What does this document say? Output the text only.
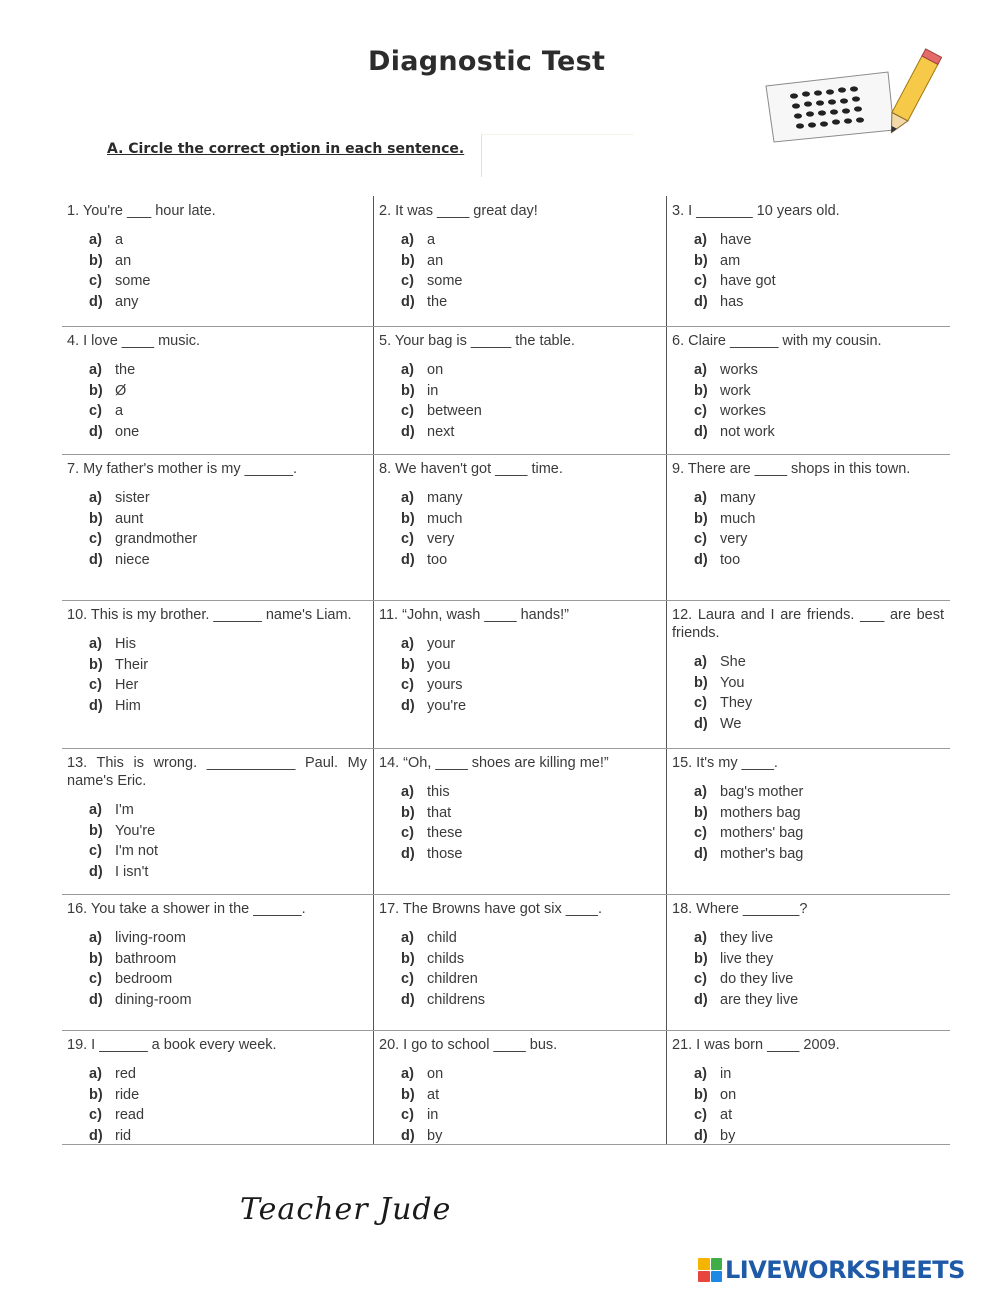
Diagnostic Test
A. Circle the correct option in each sentence.
1. You're ___ hour late.
a) a
b) an
c) some
d) any
2. It was ____ great day!
a) a
b) an
c) some
d) the
3. I _______ 10 years old.
a) have
b) am
c) have got
d) has
4. I love ____ music.
a) the
b) Ø
c) a
d) one
5. Your bag is _____ the table.
a) on
b) in
c) between
d) next
6. Claire ______ with my cousin.
a) works
b) work
c) workes
d) not work
7. My father's mother is my ______.
a) sister
b) aunt
c) grandmother
d) niece
8. We haven't got ____ time.
a) many
b) much
c) very
d) too
9. There are ____ shops in this town.
a) many
b) much
c) very
d) too
10. This is my brother. ______ name's Liam.
a) His
b) Their
c) Her
d) Him
11. “John, wash ____ hands!”
a) your
b) you
c) yours
d) you're
12. Laura and I are friends. ___ are best friends.
a) She
b) You
c) They
d) We
13. This is wrong. ___________ Paul. My name's Eric.
a) I'm
b) You're
c) I'm not
d) I isn't
14. “Oh, ____ shoes are killing me!”
a) this
b) that
c) these
d) those
15. It's my ____.
a) bag's mother
b) mothers bag
c) mothers' bag
d) mother's bag
16. You take a shower in the ______.
a) living-room
b) bathroom
c) bedroom
d) dining-room
17. The Browns have got six ____.
a) child
b) childs
c) children
d) childrens
18. Where _______?
a) they live
b) live they
c) do they live
d) are they live
19. I ______ a book every week.
a) red
b) ride
c) read
d) rid
20. I go to school ____ bus.
a) on
b) at
c) in
d) by
21. I was born ____ 2009.
a) in
b) on
c) at
d) by
Teacher Jude
LIVEWORKSHEETS
